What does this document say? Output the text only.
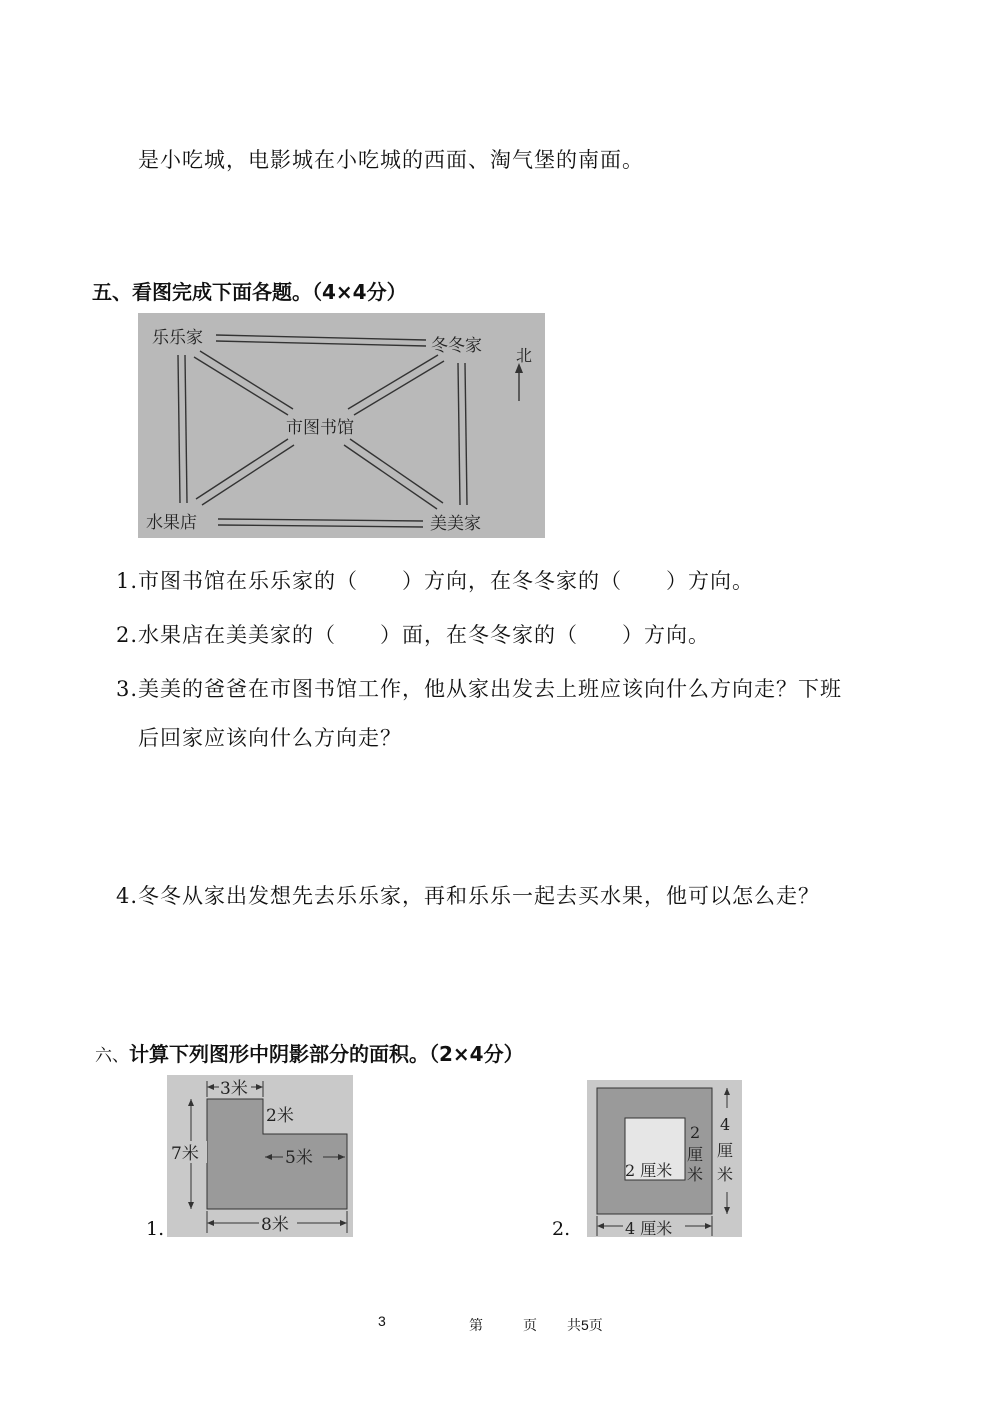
是小吃城，电影城在小吃城的西面、淘气堡的南面。
五、看图完成下面各题。（4×4分）
乐乐家	冬冬家
市图书馆
水果店	美美家
北
1.市图书馆在乐乐家的（　　）方向，在冬冬家的（　　）方向。
2.水果店在美美家的（　　）面，在冬冬家的（　　）方向。
3.美美的爸爸在市图书馆工作，他从家出发去上班应该向什么方向走？下班
后回家应该向什么方向走？
4.冬冬从家出发想先去乐乐家，再和乐乐一起去买水果，他可以怎么走？
六、计算下列图形中阴影部分的面积。（2×4分）
1.
3米
2米
7米	5米
8米	2.
2 厘米
2
厘
米
4
厘
米
4 厘米
3	第	页 共5页
